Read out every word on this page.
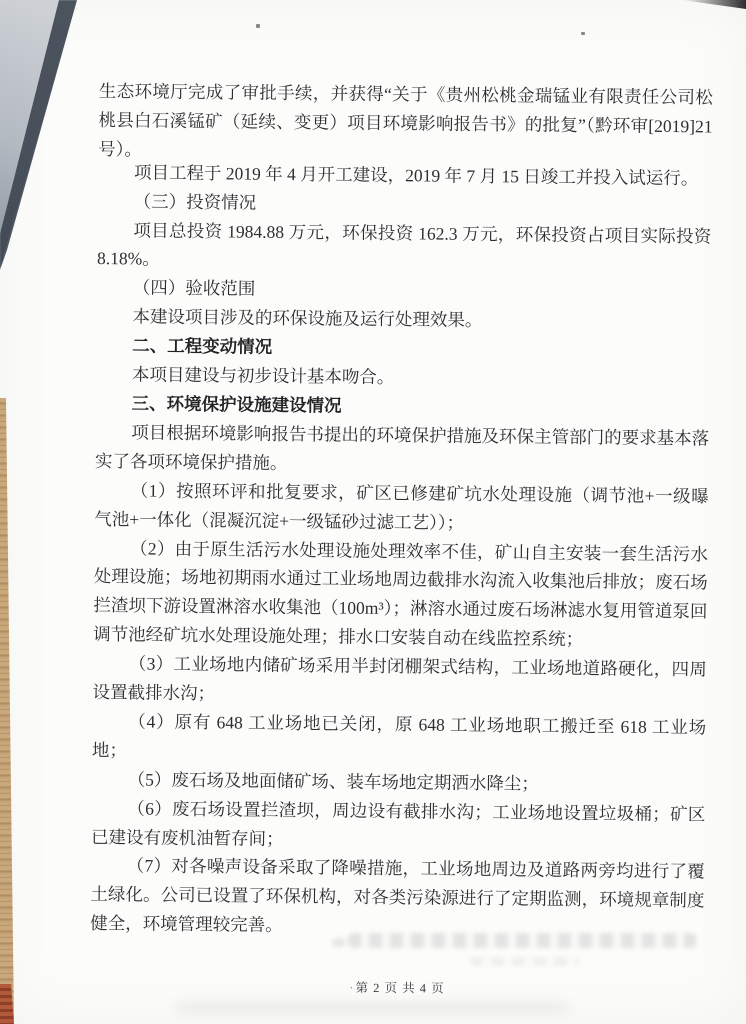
生态环境厅完成了审批手续，并获得“关于《贵州松桃金瑞锰业有限责任公司松桃县白石溪锰矿（延续、变更）项目环境影响报告书》的批复”（黔环审[2019]21号）。

项目工程于 2019 年 4 月开工建设，2019 年 7 月 15 日竣工并投入试运行。

（三）投资情况

项目总投资 1984.88 万元，环保投资 162.3 万元，环保投资占项目实际投资 8.18%。

（四）验收范围

本建设项目涉及的环保设施及运行处理效果。

二、工程变动情况

本项目建设与初步设计基本吻合。

三、环境保护设施建设情况

项目根据环境影响报告书提出的环境保护措施及环保主管部门的要求基本落实了各项环境保护措施。

（1）按照环评和批复要求，矿区已修建矿坑水处理设施（调节池+一级曝气池+一体化（混凝沉淀+一级锰砂过滤工艺））；

（2）由于原生活污水处理设施处理效率不佳，矿山自主安装一套生活污水处理设施；场地初期雨水通过工业场地周边截排水沟流入收集池后排放；废石场拦渣坝下游设置淋溶水收集池（100m³）；淋溶水通过废石场淋滤水复用管道泵回调节池经矿坑水处理设施处理；排水口安装自动在线监控系统；

（3）工业场地内储矿场采用半封闭棚架式结构，工业场地道路硬化，四周设置截排水沟；

（4）原有 648 工业场地已关闭，原 648 工业场地职工搬迁至 618 工业场地；

（5）废石场及地面储矿场、装车场地定期洒水降尘；

（6）废石场设置拦渣坝，周边设有截排水沟；工业场地设置垃圾桶；矿区已建设有废机油暂存间；

（7）对各噪声设备采取了降噪措施，工业场地周边及道路两旁均进行了覆土绿化。公司已设置了环保机构，对各类污染源进行了定期监测，环境规章制度健全，环境管理较完善。

·第 2 页 共 4 页
